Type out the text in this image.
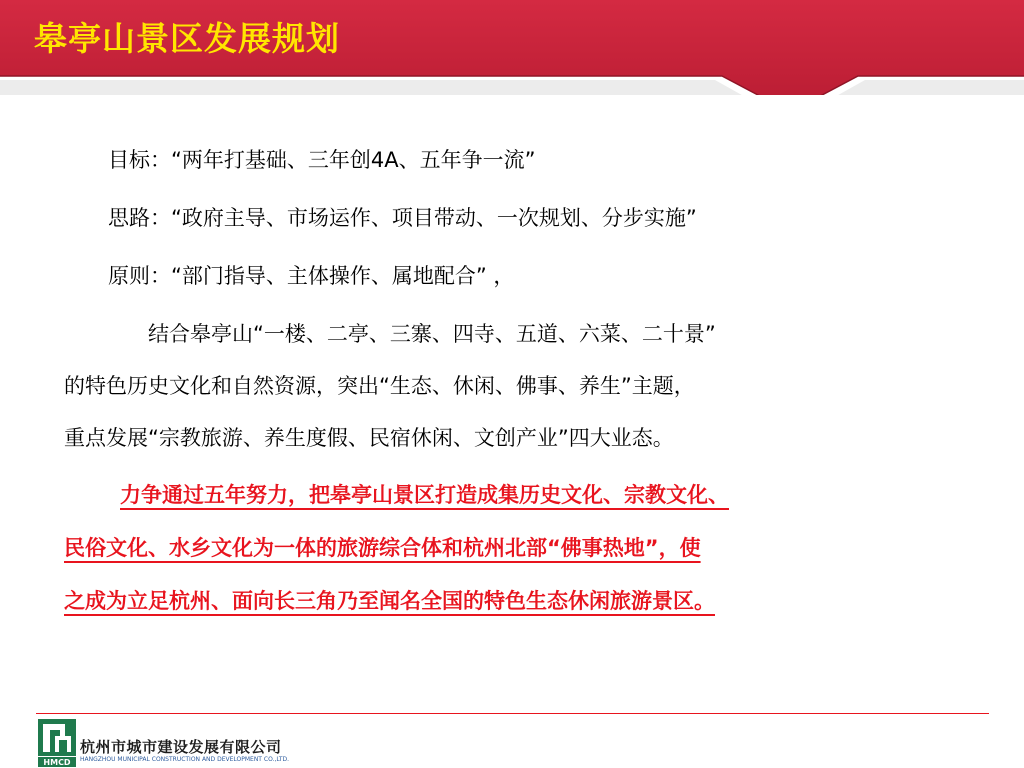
皋亭山景区发展规划
目标：“两年打基础、三年创4A、五年争一流”
思路：“政府主导、市场运作、项目带动、一次规划、分步实施”
原则：“部门指导、主体操作、属地配合” ，
结合皋亭山“一楼、二亭、三寨、四寺、五道、六菜、二十景”
的特色历史文化和自然资源，突出“生态、休闲、佛事、养生”主题，
重点发展“宗教旅游、养生度假、民宿休闲、文创产业”四大业态。
力争通过五年努力，把皋亭山景区打造成集历史文化、宗教文化、
民俗文化、水乡文化为一体的旅游综合体和杭州北部“佛事热地”，使
之成为立足杭州、面向长三角乃至闻名全国的特色生态休闲旅游景区。
HMCD
杭州市城市建设发展有限公司
HANGZHOU MUNICIPAL CONSTRUCTION AND DEVELOPMENT CO.,LTD.
